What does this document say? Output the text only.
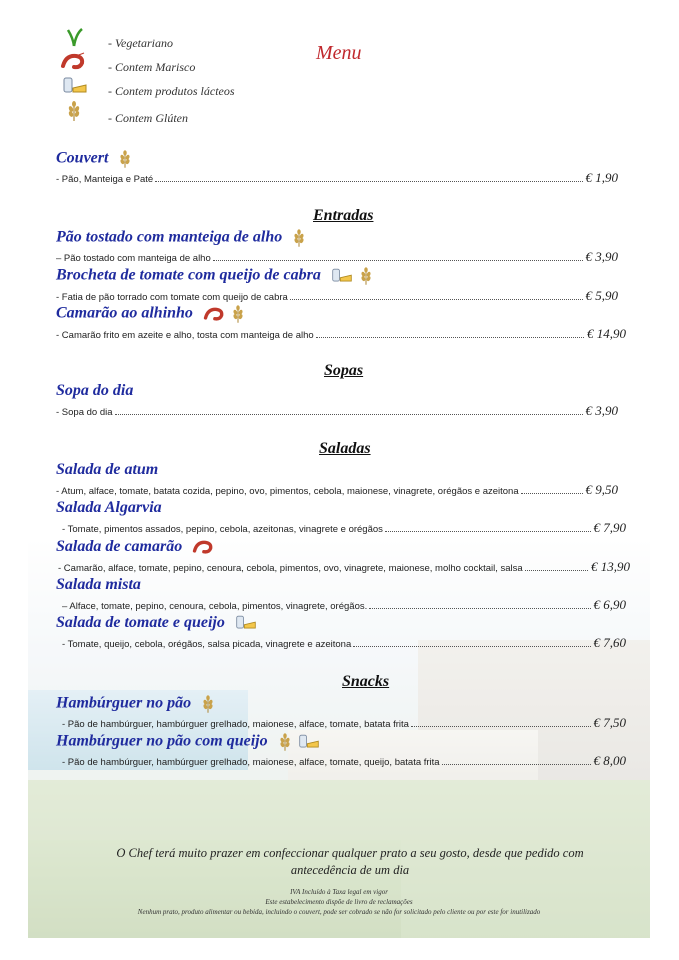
- Vegetariano
- Contem Marisco
- Contem produtos lácteos
- Contem Glúten
Menu
Couvert
- Pão, Manteiga e Paté	€ 1,90
Entradas
Pão tostado com manteiga de alho
– Pão tostado com manteiga de alho	€ 3,90
Brocheta de tomate com queijo de cabra
- Fatia de pão torrado com tomate com queijo de cabra	€ 5,90
Camarão ao alhinho
- Camarão frito em azeite e alho, tosta com manteiga de alho	€ 14,90
Sopas
Sopa do dia
- Sopa do dia	€ 3,90
Saladas
Salada de atum
- Atum, alface, tomate, batata cozida, pepino, ovo, pimentos, cebola, maionese, vinagrete, orégãos e azeitona	€ 9,50
Salada Algarvia
- Tomate, pimentos assados, pepino, cebola, azeitonas, vinagrete e orégãos	€ 7,90
Salada de camarão
- Camarão, alface, tomate, pepino, cenoura, cebola, pimentos, ovo, vinagrete, maionese, molho cocktail, salsa	€ 13,90
Salada mista
– Alface, tomate, pepino, cenoura, cebola, pimentos, vinagrete, orégãos.	€ 6,90
Salada de tomate e queijo
- Tomate, queijo, cebola, orégãos, salsa picada, vinagrete e azeitona	€ 7,60
Snacks
Hambúrguer no pão
- Pão de hambúrguer, hambúrguer grelhado, maionese, alface, tomate, batata frita	€ 7,50
Hambúrguer no pão com queijo
- Pão de hambúrguer, hambúrguer grelhado, maionese, alface, tomate, queijo, batata frita	€ 8,00
O Chef terá muito prazer em confeccionar qualquer prato a seu gosto, desde que pedido com antecedência de um dia
IVA Incluído à Taxa legal em vigor
Este estabelecimento dispõe de livro de reclamações
Nenhum prato, produto alimentar ou bebida, incluindo o couvert, pode ser cobrado se não for solicitado pelo cliente ou por este for inutilizado
